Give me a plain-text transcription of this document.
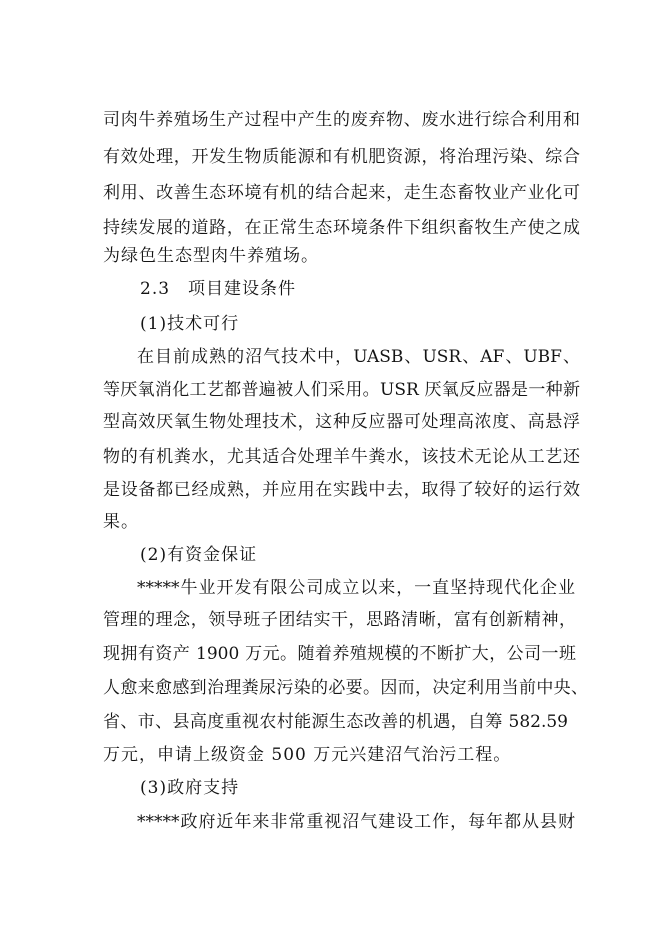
司肉牛养殖场生产过程中产生的废弃物、废水进行综合利用和
有效处理，开发生物质能源和有机肥资源，将治理污染、综合
利用、改善生态环境有机的结合起来，走生态畜牧业产业化可
持续发展的道路，在正常生态环境条件下组织畜牧生产使之成
为绿色生态型肉牛养殖场。
2.3　项目建设条件
(1)技术可行
在目前成熟的沼气技术中，UASB、USR、AF、UBF、
等厌氧消化工艺都普遍被人们采用。USR 厌氧反应器是一种新
型高效厌氧生物处理技术，这种反应器可处理高浓度、高悬浮
物的有机粪水，尤其适合处理羊牛粪水，该技术无论从工艺还
是设备都已经成熟，并应用在实践中去，取得了较好的运行效
果。
(2)有资金保证
*****牛业开发有限公司成立以来，一直坚持现代化企业
管理的理念，领导班子团结实干，思路清晰，富有创新精神，
现拥有资产 1900 万元。随着养殖规模的不断扩大，公司一班
人愈来愈感到治理粪尿污染的必要。因而，决定利用当前中央、
省、市、县高度重视农村能源生态改善的机遇，自筹 582.59
万元，申请上级资金 500 万元兴建沼气治污工程。
(3)政府支持
*****政府近年来非常重视沼气建设工作，每年都从县财
